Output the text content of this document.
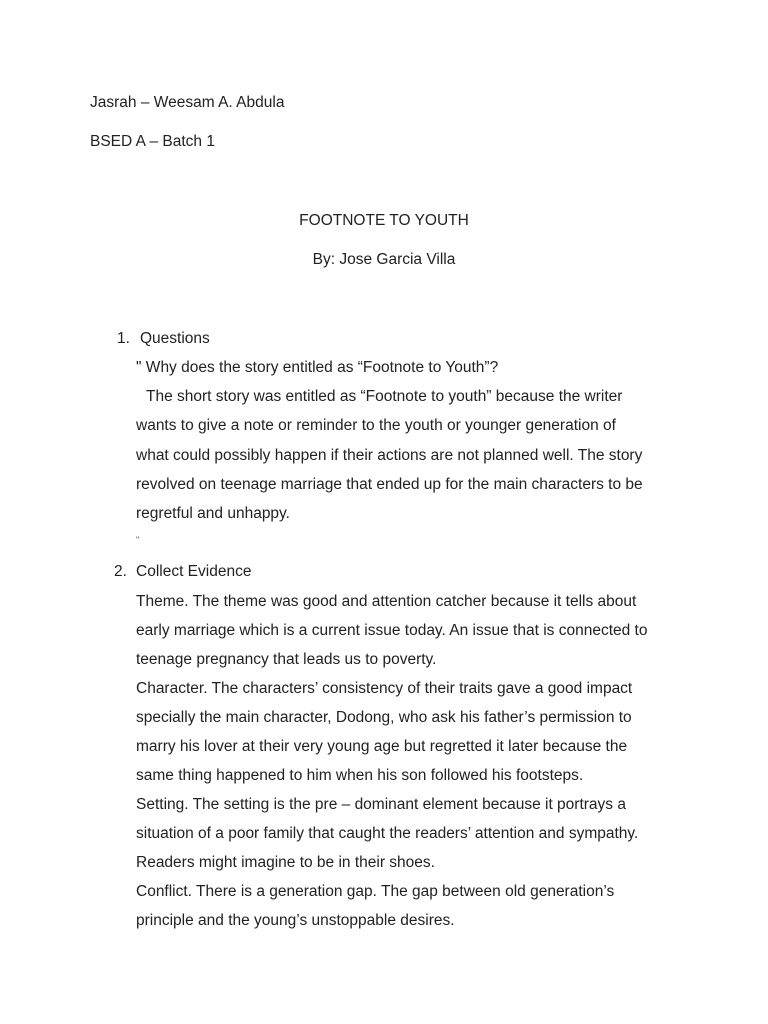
Jasrah – Weesam A. Abdula
BSED A – Batch 1
FOOTNOTE TO YOUTH
By: Jose Garcia Villa
1. Questions
" Why does the story entitled as “Footnote to Youth”?
The short story was entitled as “Footnote to youth” because the writer
wants to give a note or reminder to the youth or younger generation of
what could possibly happen if their actions are not planned well. The story
revolved on teenage marriage that ended up for the main characters to be
regretful and unhappy.
"
2. Collect Evidence
Theme. The theme was good and attention catcher because it tells about
early marriage which is a current issue today. An issue that is connected to
teenage pregnancy that leads us to poverty.
Character. The characters’ consistency of their traits gave a good impact
specially the main character, Dodong, who ask his father’s permission to
marry his lover at their very young age but regretted it later because the
same thing happened to him when his son followed his footsteps.
Setting. The setting is the pre – dominant element because it portrays a
situation of a poor family that caught the readers’ attention and sympathy.
Readers might imagine to be in their shoes.
Conflict. There is a generation gap. The gap between old generation’s
principle and the young’s unstoppable desires.
